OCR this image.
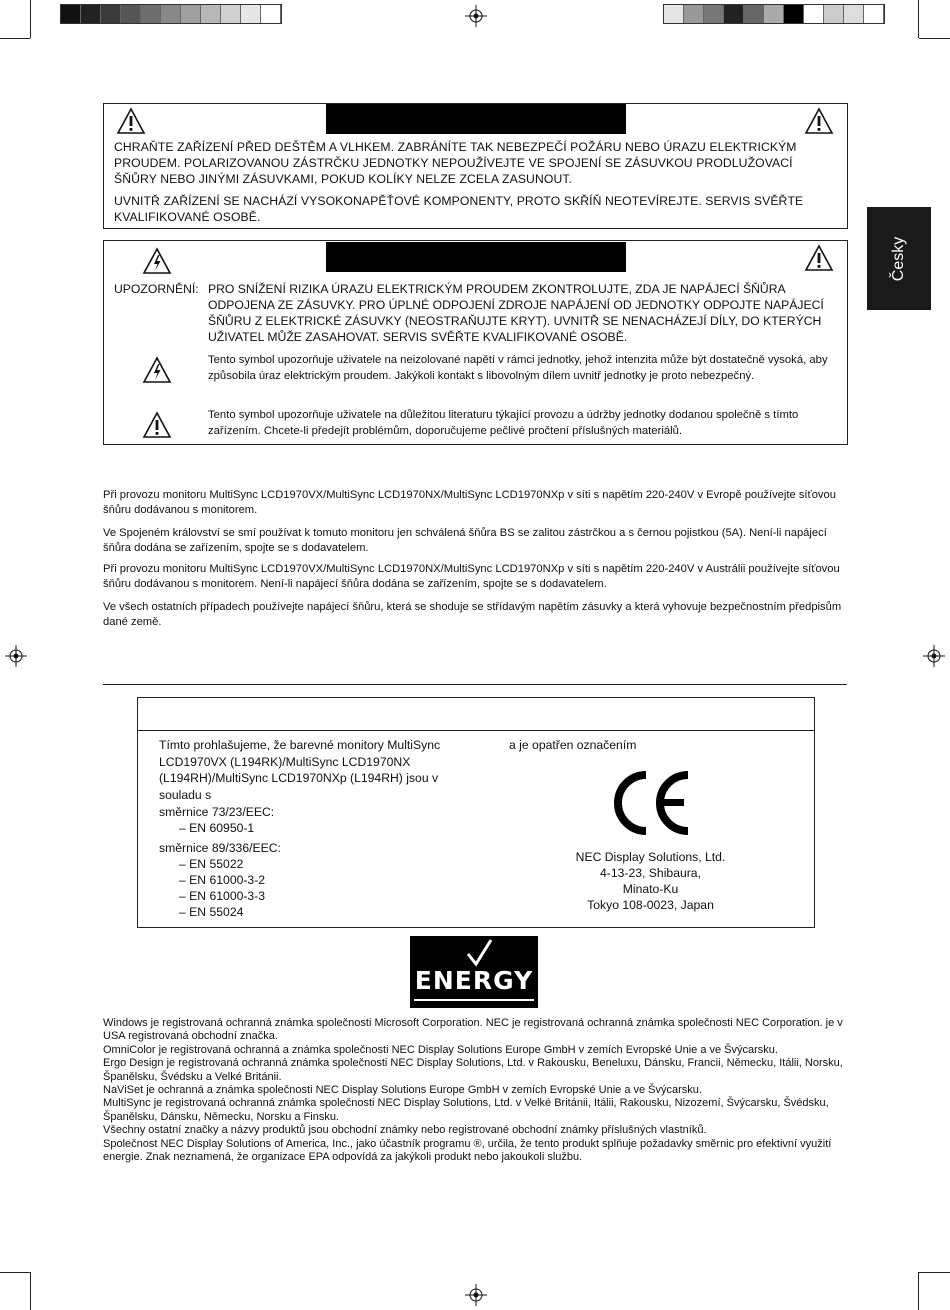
Česky
CHRAŇTE ZAŘÍZENÍ PŘED DEŠTĚM A VLHKEM. ZABRÁNÍTE TAK NEBEZPEČÍ POŽÁRU NEBO ÚRAZU ELEKTRICKÝM PROUDEM. POLARIZOVANOU ZÁSTRČKU JEDNOTKY NEPOUŽÍVEJTE VE SPOJENÍ SE ZÁSUVKOU PRODLUŽOVACÍ ŠŇŮRY NEBO JINÝMI ZÁSUVKAMI, POKUD KOLÍKY NELZE ZCELA ZASUNOUT.
UVNITŘ ZAŘÍZENÍ SE NACHÁZÍ VYSOKONAPĚŤOVÉ KOMPONENTY, PROTO SKŘÍŇ NEOTEVÍREJTE. SERVIS SVĚŘTE KVALIFIKOVANÉ OSOBĚ.
UPOZORNĚNÍ: PRO SNÍŽENÍ RIZIKA ÚRAZU ELEKTRICKÝM PROUDEM ZKONTROLUJTE, ZDA JE NAPÁJECÍ ŠŇŮRA ODPOJENA ZE ZÁSUVKY. PRO ÚPLNÉ ODPOJENÍ ZDROJE NAPÁJENÍ OD JEDNOTKY ODPOJTE NAPÁJECÍ ŠŇŮRU Z ELEKTRICKÉ ZÁSUVKY (NEOSTRAŇUJTE KRYT). UVNITŘ SE NENACHÁZEJÍ DÍLY, DO KTERÝCH UŽIVATEL MŮŽE ZASAHOVAT. SERVIS SVĚŘTE KVALIFIKOVANÉ OSOBĚ.
Tento symbol upozorňuje uživatele na neizolované napětí v rámci jednotky, jehož intenzita může být dostatečně vysoká, aby způsobila úraz elektrickým proudem. Jakýkoli kontakt s libovolným dílem uvnitř jednotky je proto nebezpečný.
Tento symbol upozorňuje uživatele na důležitou literaturu týkající provozu a údržby jednotky dodanou společně s tímto zařízením. Chcete-li předejít problémům, doporučujeme pečlivé pročtení příslušných materiálů.
Při provozu monitoru MultiSync LCD1970VX/MultiSync LCD1970NX/MultiSync LCD1970NXp v síti s napětím 220-240V v Evropě používejte síťovou šňůru dodávanou s monitorem.
Ve Spojeném království se smí používat k tomuto monitoru jen schválená šňůra BS se zalitou zástrčkou a s černou pojistkou (5A). Není-li napájecí šňůra dodána se zařízením, spojte se s dodavatelem.
Při provozu monitoru MultiSync LCD1970VX/MultiSync LCD1970NX/MultiSync LCD1970NXp v síti s napětím 220-240V v Austrálii používejte síťovou šňůru dodávanou s monitorem. Není-li napájecí šňůra dodána se zařízením, spojte se s dodavatelem.
Ve všech ostatních případech používejte napájecí šňůru, která se shoduje se střídavým napětím zásuvky a která vyhovuje bezpečnostním předpisům dané země.
Tímto prohlašujeme, že barevné monitory MultiSync LCD1970VX (L194RK)/MultiSync LCD1970NX (L194RH)/MultiSync LCD1970NXp (L194RH) jsou v souladu s
směrnice 73/23/EEC:
– EN 60950-1
směrnice 89/336/EEC:
– EN 55022
– EN 61000-3-2
– EN 61000-3-3
– EN 55024
a je opatřen označením
NEC Display Solutions, Ltd.
4-13-23, Shibaura,
Minato-Ku
Tokyo 108-0023, Japan
ENERGY

Windows je registrovaná ochranná známka společnosti Microsoft Corporation. NEC je registrovaná ochranná známka společnosti NEC Corporation. je v USA registrovaná obchodní značka.

OmniColor je registrovaná ochranná a známka společnosti NEC Display Solutions Europe GmbH v zemích Evropské Unie a ve Švýcarsku.

Ergo Design je registrovaná ochranná známka společnosti NEC Display Solutions, Ltd. v Rakousku, Beneluxu, Dánsku, Francii, Německu, Itálii, Norsku, Španělsku, Švédsku a Velké Británii.

NaViSet je ochranná a známka společnosti NEC Display Solutions Europe GmbH v zemích Evropské Unie a ve Švýcarsku.

MultiSync je registrovaná ochranná známka společnosti NEC Display Solutions, Ltd. v Velké Británii, Itálii, Rakousku, Nizozemí, Švýcarsku, Švédsku, Španělsku, Dánsku, Německu, Norsku a Finsku.

Všechny ostatní značky a názvy produktů jsou obchodní známky nebo registrované obchodní známky příslušných vlastníků.

Společnost NEC Display Solutions of America, Inc., jako účastník programu ®, určila, že tento produkt splňuje požadavky směrnic pro efektivní využití energie. Znak neznamená, že organizace EPA odpovídá za jakýkoli produkt nebo jakoukoli službu.
